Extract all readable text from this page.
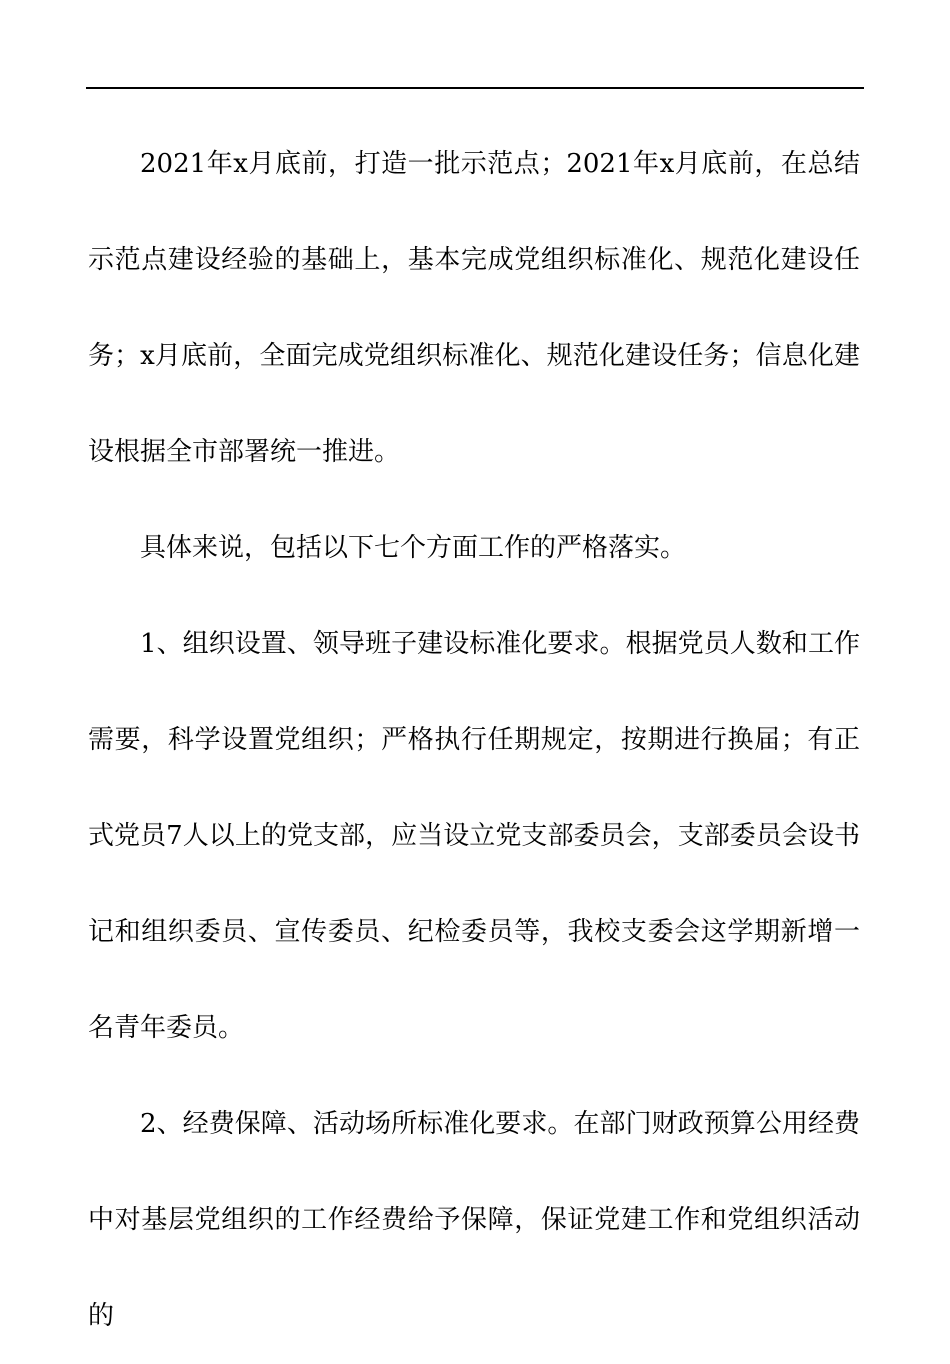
2021年x月底前，打造一批示范点；2021年x月底前，在总结示范点建设经验的基础上，基本完成党组织标准化、规范化建设任务；x月底前，全面完成党组织标准化、规范化建设任务；信息化建设根据全市部署统一推进。

具体来说，包括以下七个方面工作的严格落实。

1、组织设置、领导班子建设标准化要求。根据党员人数和工作需要，科学设置党组织；严格执行任期规定，按期进行换届；有正式党员7人以上的党支部，应当设立党支部委员会，支部委员会设书记和组织委员、宣传委员、纪检委员等，我校支委会这学期新增一名青年委员。

2、经费保障、活动场所标准化要求。在部门财政预算公用经费中对基层党组织的工作经费给予保障，保证党建工作和党组织活动的
